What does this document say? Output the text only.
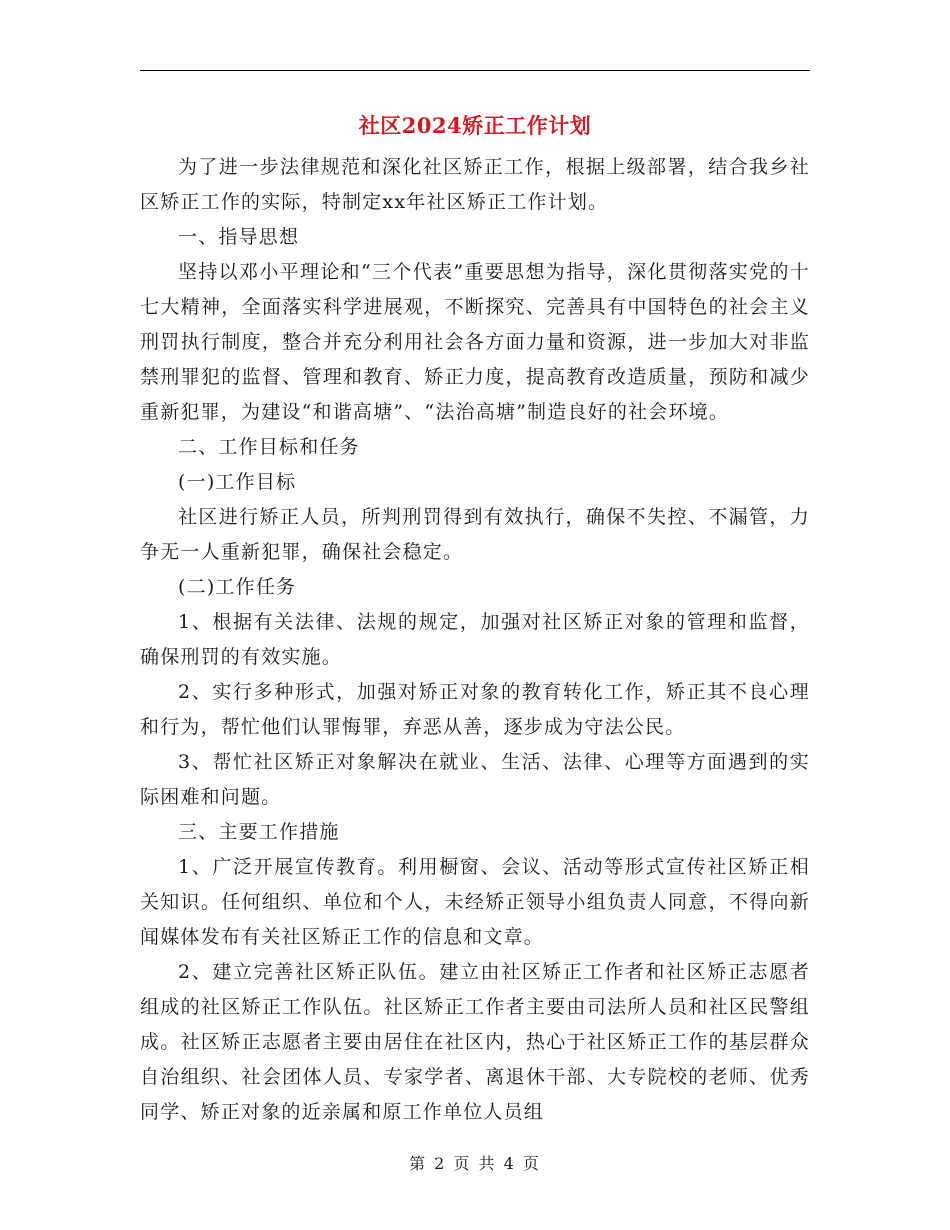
社区2024矫正工作计划

为了进一步法律规范和深化社区矫正工作，根据上级部署，结合我乡社区矫正工作的实际，特制定xx年社区矫正工作计划。

一、指导思想

坚持以邓小平理论和“三个代表”重要思想为指导，深化贯彻落实党的十七大精神，全面落实科学进展观，不断探究、完善具有中国特色的社会主义刑罚执行制度，整合并充分利用社会各方面力量和资源，进一步加大对非监禁刑罪犯的监督、管理和教育、矫正力度，提高教育改造质量，预防和减少重新犯罪，为建设“和谐高塘”、“法治高塘”制造良好的社会环境。

二、工作目标和任务

(一)工作目标

社区进行矫正人员，所判刑罚得到有效执行，确保不失控、不漏管，力争无一人重新犯罪，确保社会稳定。

(二)工作任务

1、根据有关法律、法规的规定，加强对社区矫正对象的管理和监督，确保刑罚的有效实施。

2、实行多种形式，加强对矫正对象的教育转化工作，矫正其不良心理和行为，帮忙他们认罪悔罪，弃恶从善，逐步成为守法公民。

3、帮忙社区矫正对象解决在就业、生活、法律、心理等方面遇到的实际困难和问题。

三、主要工作措施

1、广泛开展宣传教育。利用橱窗、会议、活动等形式宣传社区矫正相关知识。任何组织、单位和个人，未经矫正领导小组负责人同意，不得向新闻媒体发布有关社区矫正工作的信息和文章。

2、建立完善社区矫正队伍。建立由社区矫正工作者和社区矫正志愿者组成的社区矫正工作队伍。社区矫正工作者主要由司法所人员和社区民警组成。社区矫正志愿者主要由居住在社区内，热心于社区矫正工作的基层群众自治组织、社会团体人员、专家学者、离退休干部、大专院校的老师、优秀同学、矫正对象的近亲属和原工作单位人员组

第 2 页 共 4 页
